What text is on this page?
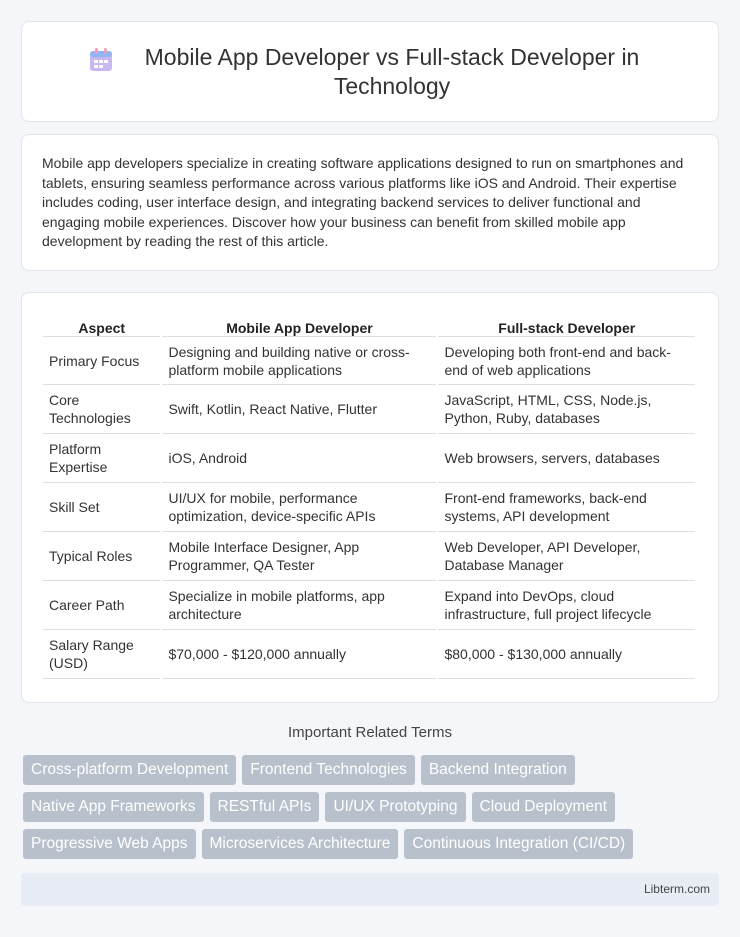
Mobile App Developer vs Full-stack Developer in Technology

Mobile app developers specialize in creating software applications designed to run on smartphones and tablets, ensuring seamless performance across various platforms like iOS and Android. Their expertise includes coding, user interface design, and integrating backend services to deliver functional and engaging mobile experiences. Discover how your business can benefit from skilled mobile app development by reading the rest of this article.

Aspect	Mobile App Developer	Full-stack Developer
Primary Focus	Designing and building native or cross-platform mobile applications	Developing both front-end and back-end of web applications
Core Technologies	Swift, Kotlin, React Native, Flutter	JavaScript, HTML, CSS, Node.js, Python, Ruby, databases
Platform Expertise	iOS, Android	Web browsers, servers, databases
Skill Set	UI/UX for mobile, performance optimization, device-specific APIs	Front-end frameworks, back-end systems, API development
Typical Roles	Mobile Interface Designer, App Programmer, QA Tester	Web Developer, API Developer, Database Manager
Career Path	Specialize in mobile platforms, app architecture	Expand into DevOps, cloud infrastructure, full project lifecycle
Salary Range (USD)	$70,000 - $120,000 annually	$80,000 - $130,000 annually
Important Related Terms
Cross-platform Development	Frontend Technologies	Backend Integration
Native App Frameworks	RESTful APIs	UI/UX Prototyping	Cloud Deployment
Progressive Web Apps	Microservices Architecture	Continuous Integration (CI/CD)
Libterm.com
